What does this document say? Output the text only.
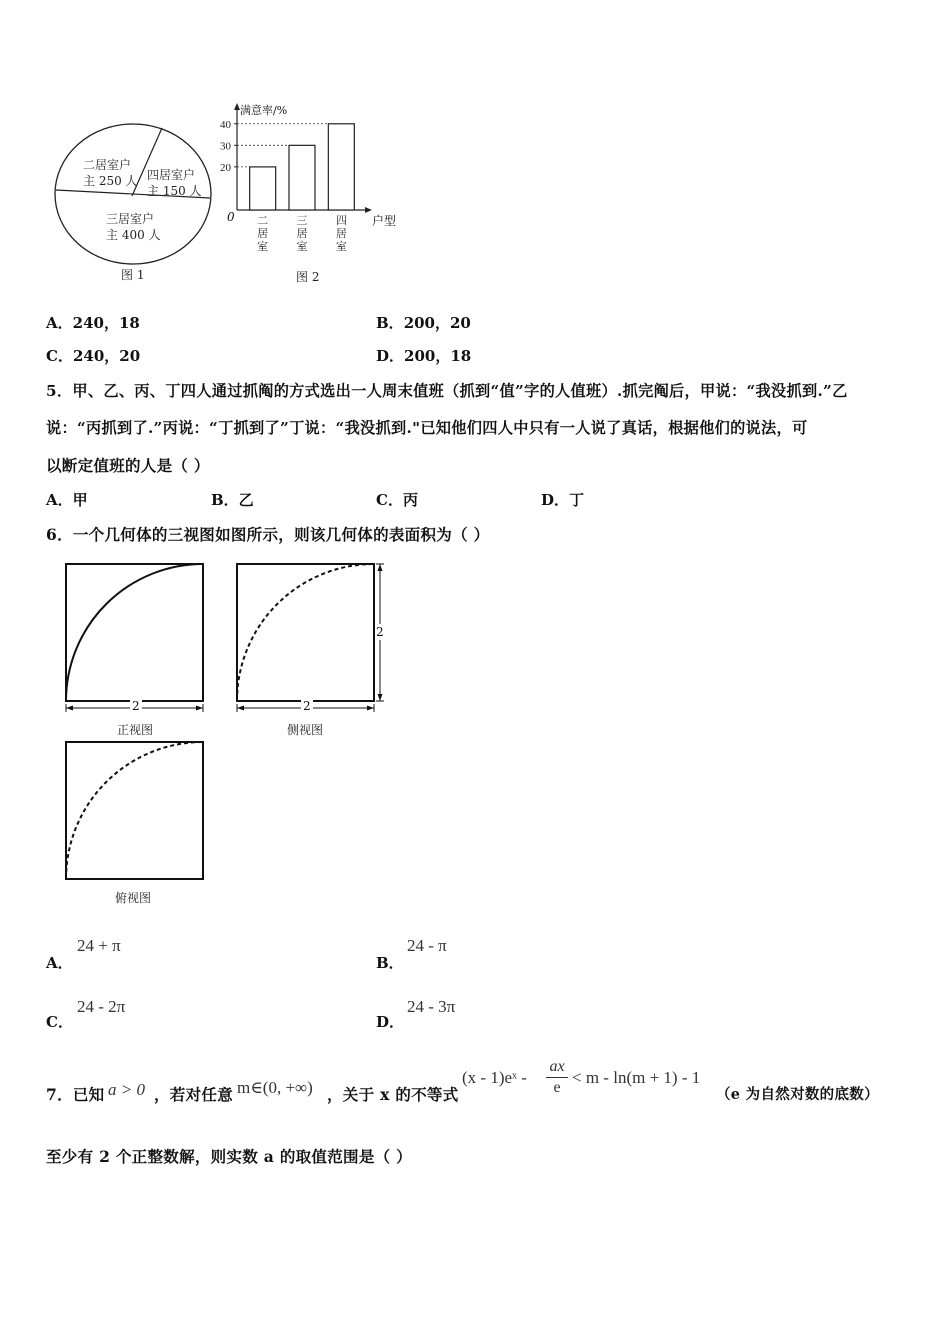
二居室户
主 250 人 四居室户
主 150 人
三居室户
主 400 人
图 1
20
30
40
二
居
室
三
居
室
四
居
室
满意率/%
户型
0
图 2
A．240，18	B．200，20
C．240，20	D．200，18
5．甲、乙、丙、丁四人通过抓阄的方式选出一人周末值班（抓到“值”字的人值班）.抓完阄后，甲说：“我没抓到.”乙
说：“丙抓到了.”丙说：“丁抓到了”丁说：“我没抓到."已知他们四人中只有一人说了真话，根据他们的说法，可
以断定值班的人是（ ）
A．甲	B．乙	C．丙	D．丁
6．一个几何体的三视图如图所示，则该几何体的表面积为（ ）
2
正视图
2
2
侧视图
俯视图
A．
24 + π
B．
24 - π
C．
24 - 2π
D．
24 - 3π
7．已知 a > 0 ，若对任意 m∈(0, +∞) ，关于 x 的不等式
(x - 1)eˣ -
ax
e
< m - ln(m + 1) - 1
（e 为自然对数的底数）
至少有 2 个正整数解，则实数 a 的取值范围是（ ）
